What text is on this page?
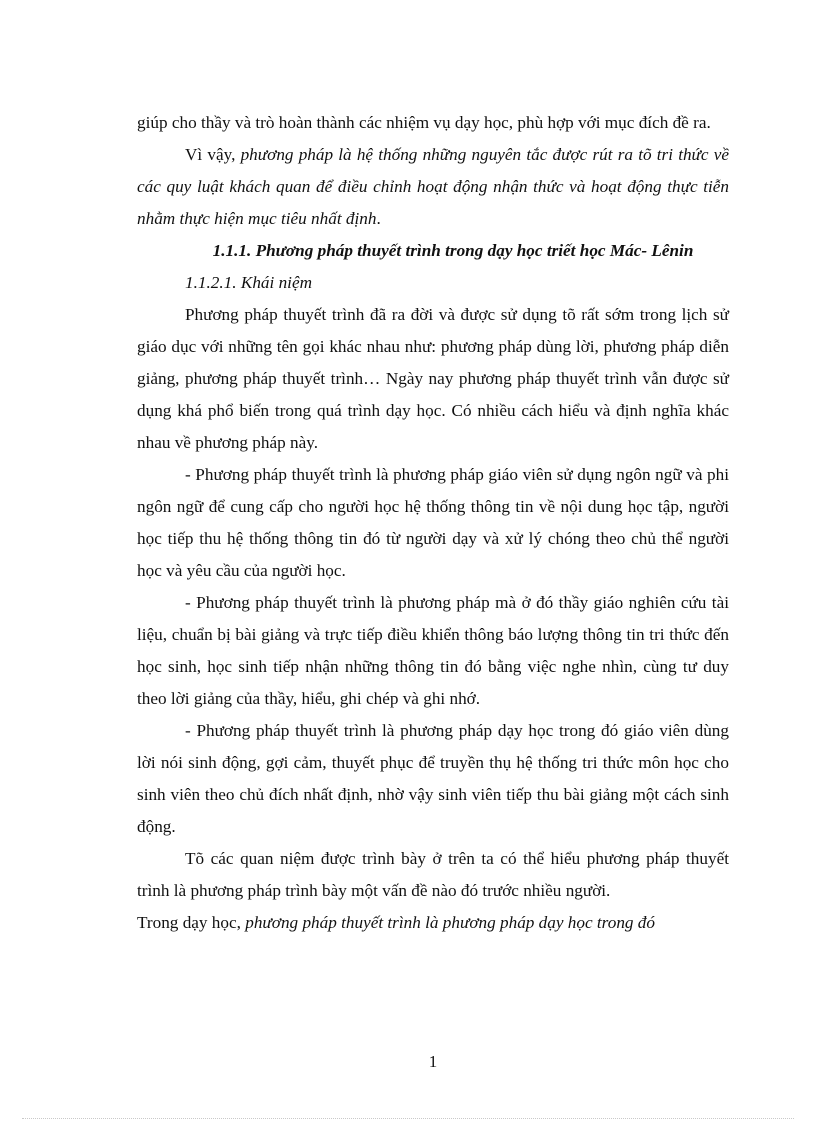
giúp cho thầy và trò hoàn thành các nhiệm vụ dạy học, phù hợp với mục đích đề ra.

Vì vậy, phương pháp là hệ thống những nguyên tắc được rút ra tõ tri thức về các quy luật khách quan để điều chỉnh hoạt động nhận thức và hoạt động thực tiễn nhằm thực hiện mục tiêu nhất định.

1.1.1. Phương pháp thuyết trình trong dạy học triết học Mác- Lênin

1.1.2.1. Khái niệm

Phương pháp thuyết trình đã ra đời và được sử dụng tõ rất sớm trong lịch sử giáo dục với những tên gọi khác nhau như: phương pháp dùng lời, phương pháp diễn giảng, phương pháp thuyết trình… Ngày nay phương pháp thuyết trình vẫn được sử dụng khá phổ biến trong quá trình dạy học. Có nhiều cách hiểu và định nghĩa khác nhau về phương pháp này.

- Phương pháp thuyết trình là phương pháp giáo viên sử dụng ngôn ngữ và phi ngôn ngữ để cung cấp cho người học hệ thống thông tin về nội dung học tập, người học tiếp thu hệ thống thông tin đó từ người dạy và xử lý chóng theo chủ thể người học và yêu cầu của người học.

- Phương pháp thuyết trình là phương pháp mà ở đó thầy giáo nghiên cứu tài liệu, chuẩn bị bài giảng và trực tiếp điều khiển thông báo lượng thông tin tri thức đến học sinh, học sinh tiếp nhận những thông tin đó bằng việc nghe nhìn, cùng tư duy theo lời giảng của thầy, hiểu, ghi chép và ghi nhớ.

- Phương pháp thuyết trình là phương pháp dạy học trong đó giáo viên dùng lời nói sinh động, gợi cảm, thuyết phục để truyền thụ hệ thống tri thức môn học cho sinh viên theo chủ đích nhất định, nhờ vậy sinh viên tiếp thu bài giảng một cách sinh động.

Tõ các quan niệm được trình bày ở trên ta có thể hiểu phương pháp thuyết trình là phương pháp trình bày một vấn đề nào đó trước nhiều người.

Trong dạy học, phương pháp thuyết trình là phương pháp dạy học trong đó

1
